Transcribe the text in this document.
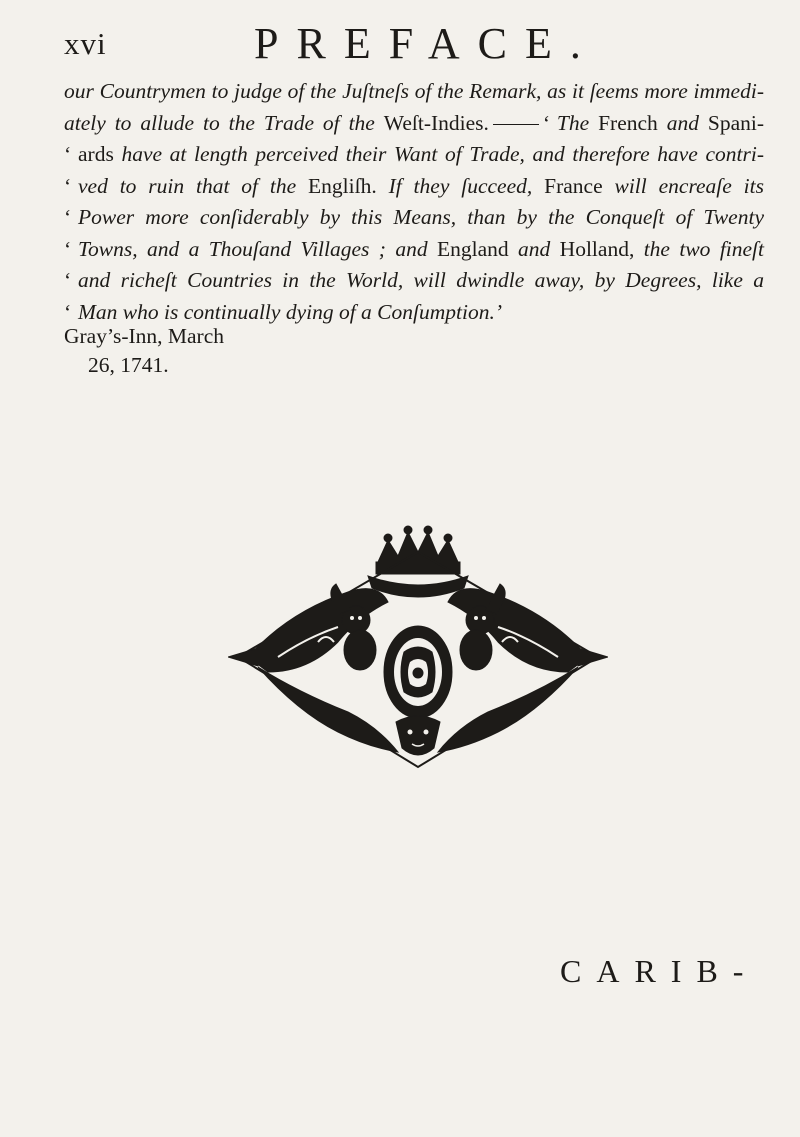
xvi	PREFACE.
our Countrymen to judge of the Juſtneſs of the Remark, as it ſeems more immedi-
ately to allude to the Trade of the Weſt-Indies.	‘The French and Spani-
‘ards have at length perceived their Want of Trade, and therefore have contri-
‘ved to ruin that of the Engliſh. If they ſucceed, France will encreaſe its
‘Power more conſiderably by this Means, than by the Conqueſt of Twenty
‘Towns, and a Thouſand Villages ; and England and Holland, the two fineſt
‘and richeſt Countries in the World, will dwindle away, by Degrees, like a
‘Man who is continually dying of a Conſumption.’
Gray’s-Inn, March
26, 1741.
CARIB-
